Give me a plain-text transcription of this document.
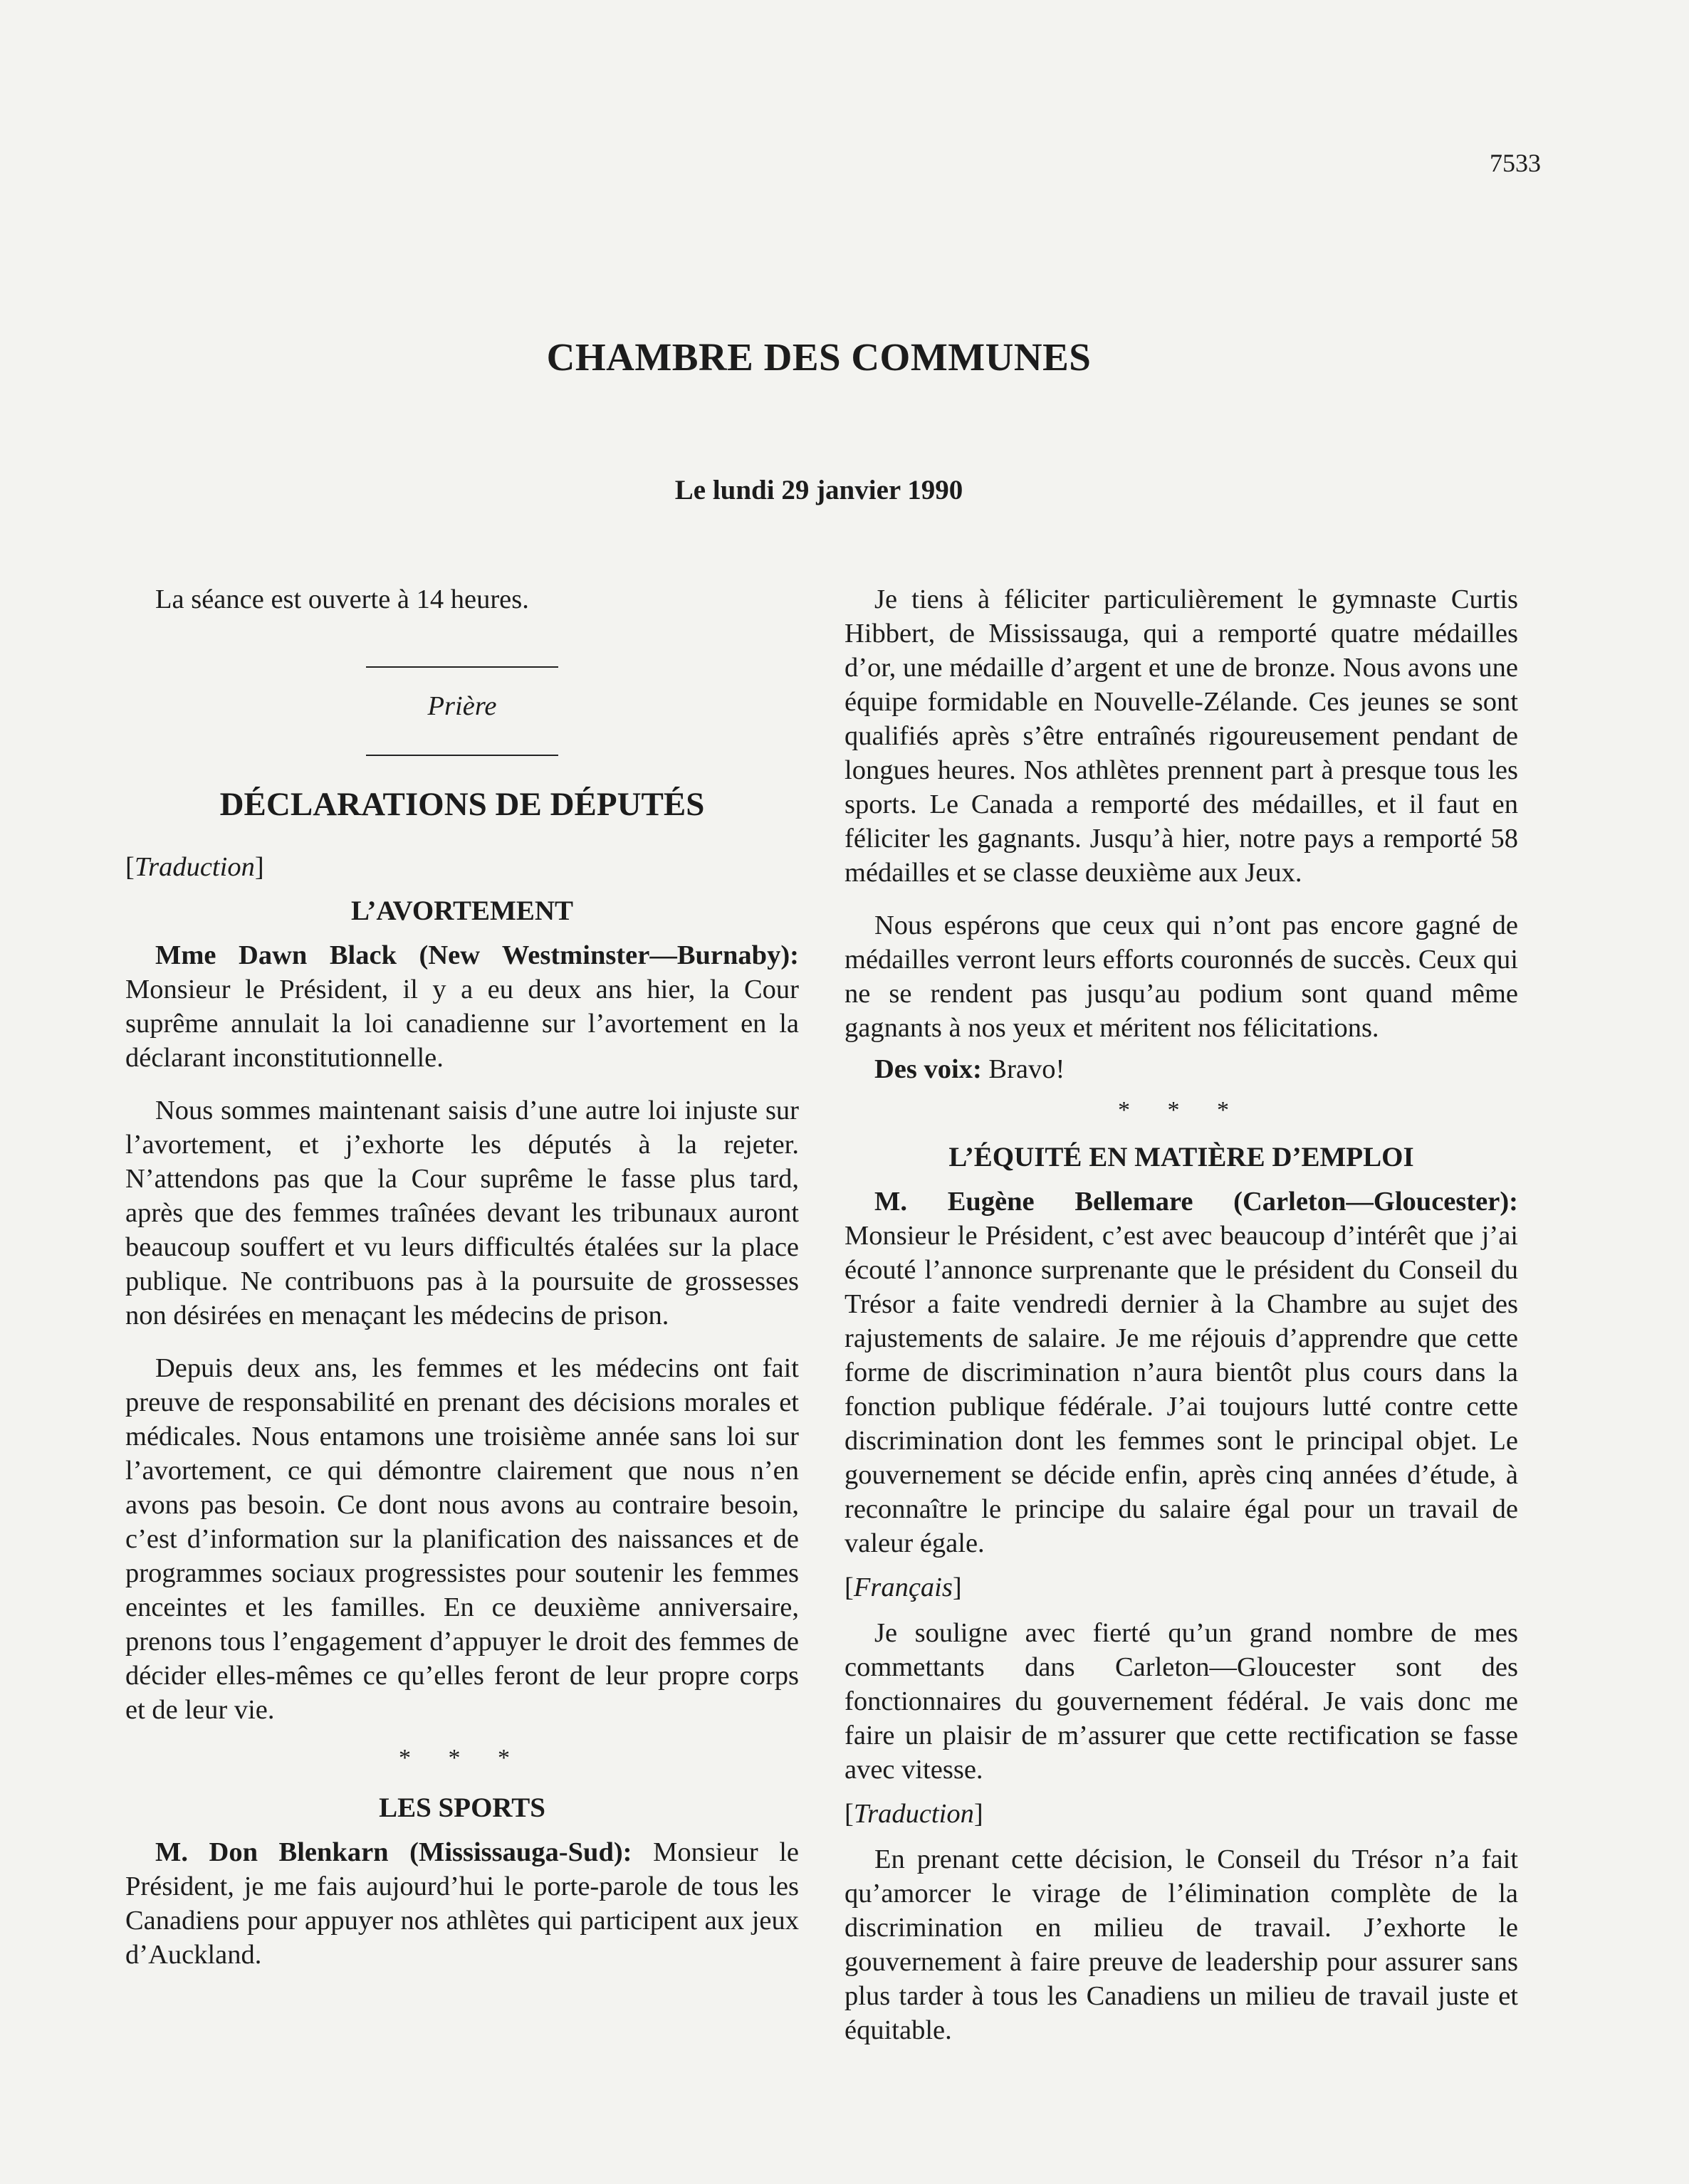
7533
CHAMBRE DES COMMUNES
Le lundi 29 janvier 1990

La séance est ouverte à 14 heures.

Prière

DÉCLARATIONS DE DÉPUTÉS

[Traduction]

L’AVORTEMENT

Mme Dawn Black (New Westminster—Burnaby): Monsieur le Président, il y a eu deux ans hier, la Cour suprême annulait la loi canadienne sur l’avortement en la déclarant inconstitutionnelle.

Nous sommes maintenant saisis d’une autre loi injuste sur l’avortement, et j’exhorte les députés à la rejeter. N’attendons pas que la Cour suprême le fasse plus tard, après que des femmes traînées devant les tribunaux auront beaucoup souffert et vu leurs difficultés étalées sur la place publique. Ne contribuons pas à la poursuite de grossesses non désirées en menaçant les médecins de prison.

Depuis deux ans, les femmes et les médecins ont fait preuve de responsabilité en prenant des décisions morales et médicales. Nous entamons une troisième année sans loi sur l’avortement, ce qui démontre clairement que nous n’en avons pas besoin. Ce dont nous avons au contraire besoin, c’est d’information sur la planification des naissances et de programmes sociaux progressistes pour soutenir les femmes enceintes et les familles. En ce deuxième anniversaire, prenons tous l’engagement d’appuyer le droit des femmes de décider elles-mêmes ce qu’elles feront de leur propre corps et de leur vie.

* * *

LES SPORTS

M. Don Blenkarn (Mississauga-Sud): Monsieur le Président, je me fais aujourd’hui le porte-parole de tous les Canadiens pour appuyer nos athlètes qui participent aux jeux d’Auckland.

Je tiens à féliciter particulièrement le gymnaste Curtis Hibbert, de Mississauga, qui a remporté quatre médailles d’or, une médaille d’argent et une de bronze. Nous avons une équipe formidable en Nouvelle-Zélande. Ces jeunes se sont qualifiés après s’être entraînés rigoureusement pendant de longues heures. Nos athlètes prennent part à presque tous les sports. Le Canada a remporté des médailles, et il faut en féliciter les gagnants. Jusqu’à hier, notre pays a remporté 58 médailles et se classe deuxième aux Jeux.

Nous espérons que ceux qui n’ont pas encore gagné de médailles verront leurs efforts couronnés de succès. Ceux qui ne se rendent pas jusqu’au podium sont quand même gagnants à nos yeux et méritent nos félicitations.

Des voix: Bravo!

* * *

L’ÉQUITÉ EN MATIÈRE D’EMPLOI

M. Eugène Bellemare (Carleton—Gloucester): Monsieur le Président, c’est avec beaucoup d’intérêt que j’ai écouté l’annonce surprenante que le président du Conseil du Trésor a faite vendredi dernier à la Chambre au sujet des rajustements de salaire. Je me réjouis d’apprendre que cette forme de discrimination n’aura bientôt plus cours dans la fonction publique fédérale. J’ai toujours lutté contre cette discrimination dont les femmes sont le principal objet. Le gouvernement se décide enfin, après cinq années d’étude, à reconnaître le principe du salaire égal pour un travail de valeur égale.

[Français]

Je souligne avec fierté qu’un grand nombre de mes commettants dans Carleton—Gloucester sont des fonctionnaires du gouvernement fédéral. Je vais donc me faire un plaisir de m’assurer que cette rectification se fasse avec vitesse.

[Traduction]

En prenant cette décision, le Conseil du Trésor n’a fait qu’amorcer le virage de l’élimination complète de la discrimination en milieu de travail. J’exhorte le gouvernement à faire preuve de leadership pour assurer sans plus tarder à tous les Canadiens un milieu de travail juste et équitable.
